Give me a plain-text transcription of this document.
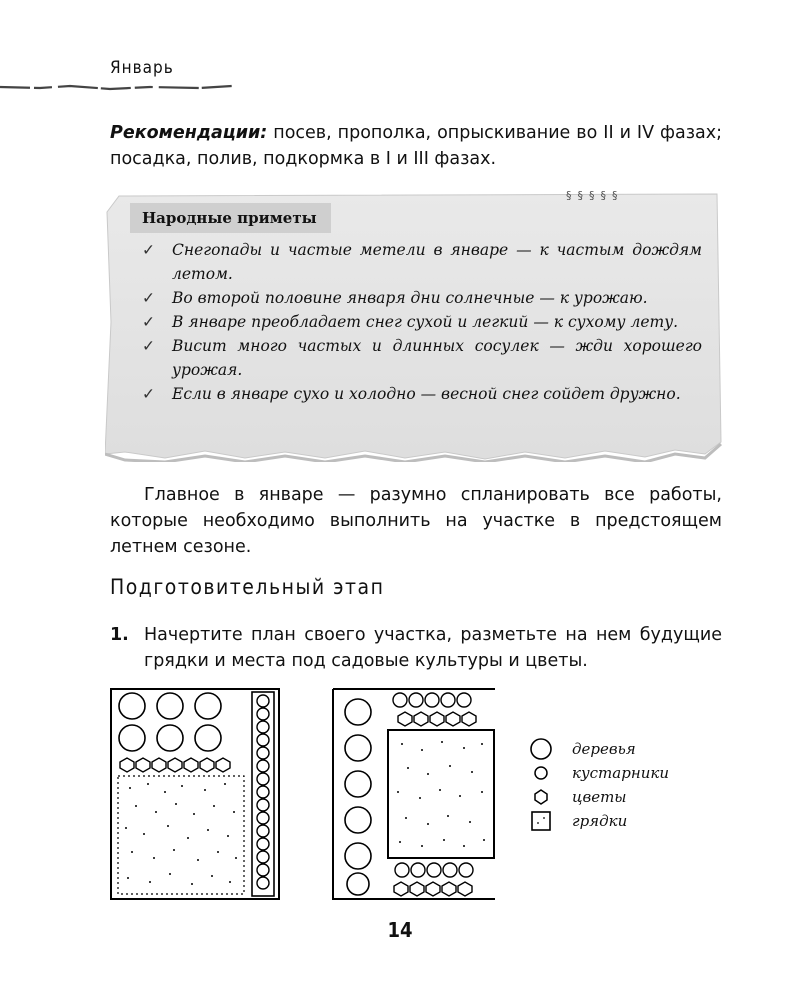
Январь

Рекомендации: посев, прополка, опрыскивание во II и IV фазах; посадка, полив, подкормка в I и III фазах.

§§§§§
Народные приметы
✓ Снегопады и частые метели в январе — к частым дождям летом.
✓ Во второй половине января дни солнечные — к урожаю.
✓ В январе преобладает снег сухой и легкий — к сухому лету.
✓ Висит много частых и длинных сосулек — жди хорошего урожая.
✓ Если в январе сухо и холодно — весной снег сойдет дружно.

Главное в январе — разумно спланировать все работы, которые необходимо выполнить на участке в предстоящем летнем сезоне.

Подготовительный этап
1. Начертите план своего участка, разметьте на нем будущие грядки и места под садовые культуры и цветы.
деревья
кустарники
цветы
грядки
14
